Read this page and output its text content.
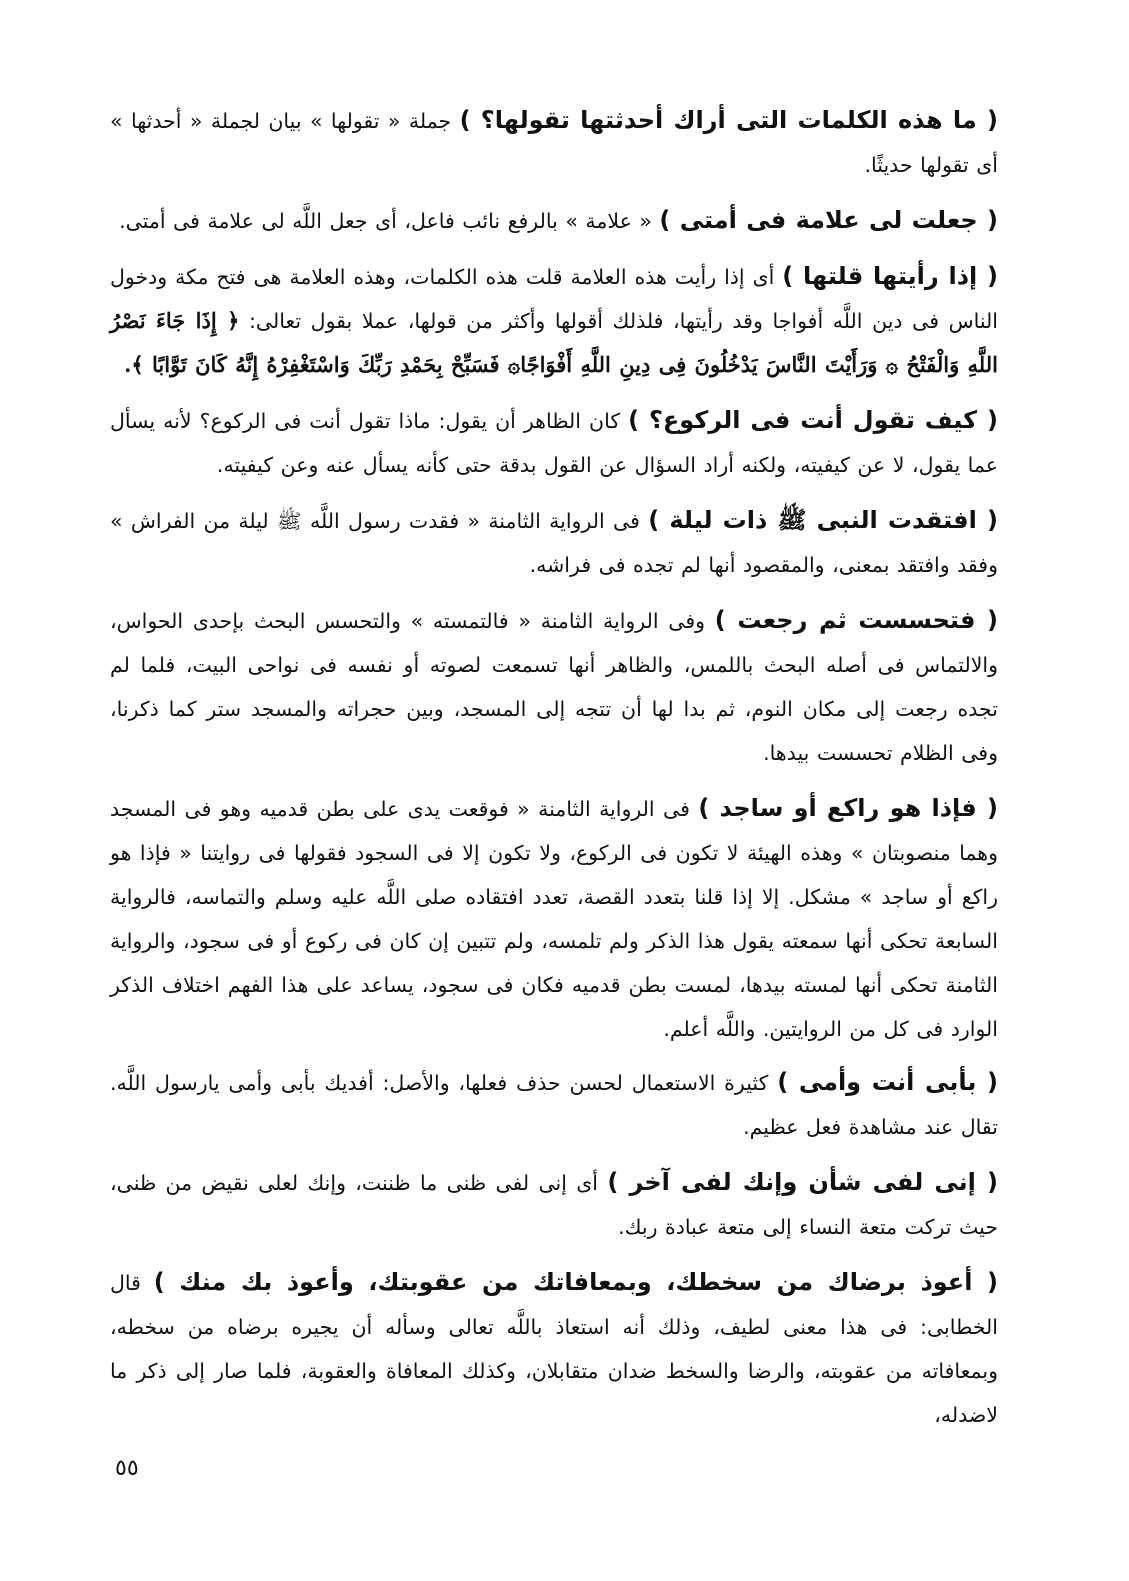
( ما هذه الكلمات التى أراك أحدثتها تقولها؟ ) جملة « تقولها » بيان لجملة « أحدثها » أى تقولها حديثًا.

( جعلت لى علامة فى أمتى ) « علامة » بالرفع نائب فاعل، أى جعل اللَّه لى علامة فى أمتى.

( إذا رأيتها قلتها ) أى إذا رأيت هذه العلامة قلت هذه الكلمات، وهذه العلامة هى فتح مكة ودخول الناس فى دين اللَّه أفواجا وقد رأيتها، فلذلك أقولها وأكثر من قولها، عملا بقول تعالى: ﴿ إِذَا جَاءَ نَصْرُ اللَّهِ وَالْفَتْحُ ۞ وَرَأَيْتَ النَّاسَ يَدْخُلُونَ فِى دِينِ اللَّهِ أَفْوَاجًا۞ فَسَبِّحْ بِحَمْدِ رَبِّكَ وَاسْتَغْفِرْهُ إِنَّهُ كَانَ تَوَّابًا ﴾.

( كيف تقول أنت فى الركوع؟ ) كان الظاهر أن يقول: ماذا تقول أنت فى الركوع؟ لأنه يسأل عما يقول، لا عن كيفيته، ولكنه أراد السؤال عن القول بدقة حتى كأنه يسأل عنه وعن كيفيته.

( افتقدت النبى ﷺ ذات ليلة ) فى الرواية الثامنة « فقدت رسول اللَّه ﷺ ليلة من الفراش » وفقد وافتقد بمعنى، والمقصود أنها لم تجده فى فراشه.

( فتحسست ثم رجعت ) وفى الرواية الثامنة « فالتمسته » والتحسس البحث بإحدى الحواس، والالتماس فى أصله البحث باللمس، والظاهر أنها تسمعت لصوته أو نفسه فى نواحى البيت، فلما لم تجده رجعت إلى مكان النوم، ثم بدا لها أن تتجه إلى المسجد، وبين حجراته والمسجد ستر كما ذكرنا، وفى الظلام تحسست بيدها.

( فإذا هو راكع أو ساجد ) فى الرواية الثامنة « فوقعت يدى على بطن قدميه وهو فى المسجد وهما منصوبتان » وهذه الهيئة لا تكون فى الركوع، ولا تكون إلا فى السجود فقولها فى روايتنا « فإذا هو راكع أو ساجد » مشكل. إلا إذا قلنا بتعدد القصة، تعدد افتقاده صلى اللَّه عليه وسلم والتماسه، فالرواية السابعة تحكى أنها سمعته يقول هذا الذكر ولم تلمسه، ولم تتبين إن كان فى ركوع أو فى سجود، والرواية الثامنة تحكى أنها لمسته بيدها، لمست بطن قدميه فكان فى سجود، يساعد على هذا الفهم اختلاف الذكر الوارد فى كل من الروايتين. واللَّه أعلم.

( بأبى أنت وأمى ) كثيرة الاستعمال لحسن حذف فعلها، والأصل: أفديك بأبى وأمى يارسول اللَّه. تقال عند مشاهدة فعل عظيم.

( إنى لفى شأن وإنك لفى آخر ) أى إنى لفى ظنى ما ظننت، وإنك لعلى نقيض من ظنى، حيث تركت متعة النساء إلى متعة عبادة ربك.

( أعوذ برضاك من سخطك، وبمعافاتك من عقوبتك، وأعوذ بك منك ) قال الخطابى: فى هذا معنى لطيف، وذلك أنه استعاذ باللَّه تعالى وسأله أن يجيره برضاه من سخطه، وبمعافاته من عقوبته، والرضا والسخط ضدان متقابلان، وكذلك المعافاة والعقوبة، فلما صار إلى ذكر ما لاضدله،

٥٥
